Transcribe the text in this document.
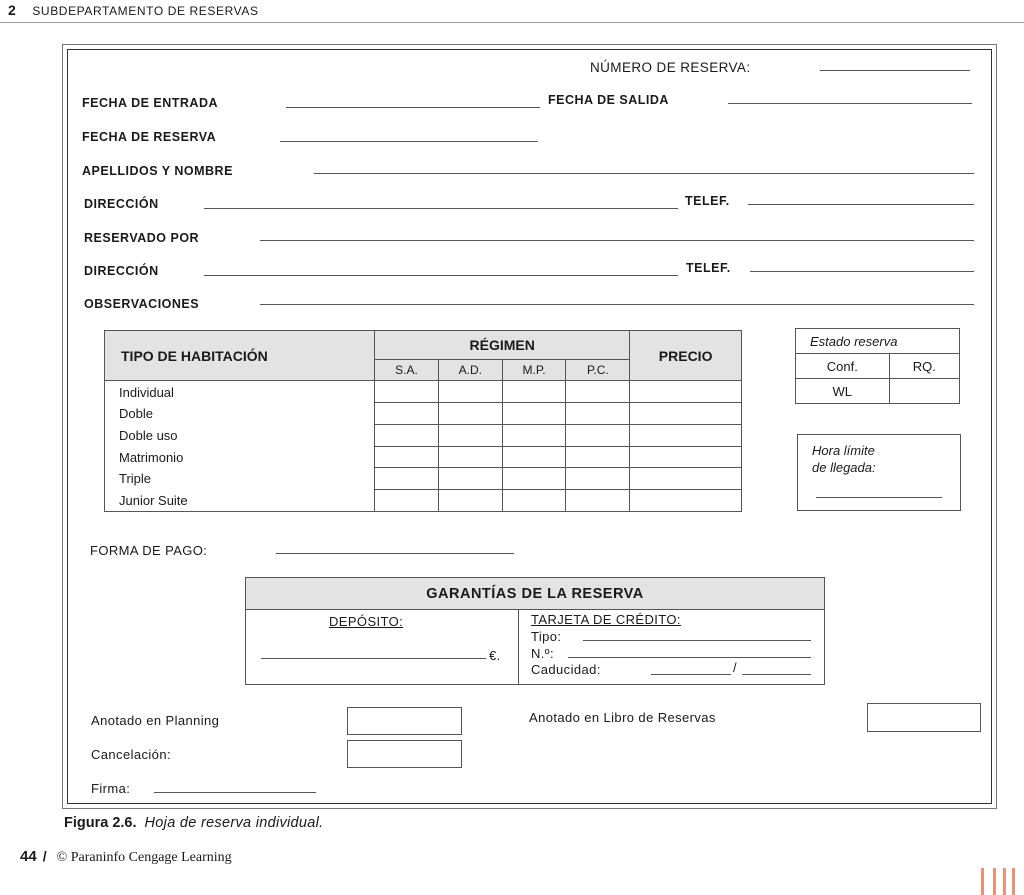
2 SUBDEPARTAMENTO DE RESERVAS
NÚMERO DE RESERVA:
FECHA DE ENTRADA	FECHA DE SALIDA
FECHA DE RESERVA
APELLIDOS Y NOMBRE
DIRECCIÓN	TELEF.
RESERVADO POR
DIRECCIÓN	TELEF.
OBSERVACIONES
TIPO DE HABITACIÓN	RÉGIMEN				PRECIO
	S.A.	A.D.	M.P.	P.C.	
Individual					
Doble					
Doble uso					
Matrimonio					
Triple					
Junior Suite					
Estado reserva	
Conf.	RQ.
WL	
Hora límite
de llegada:
FORMA DE PAGO:
GARANTÍAS DE LA RESERVA
DEPÓSITO:
€.
TARJETA DE CRÉDITO:
Tipo:
N.º:
Caducidad:	/
Anotado en Planning	Anotado en Libro de Reservas
Cancelación:
Firma:
Figura 2.6. Hoja de reserva individual.
44 / © Paraninfo Cengage Learning
